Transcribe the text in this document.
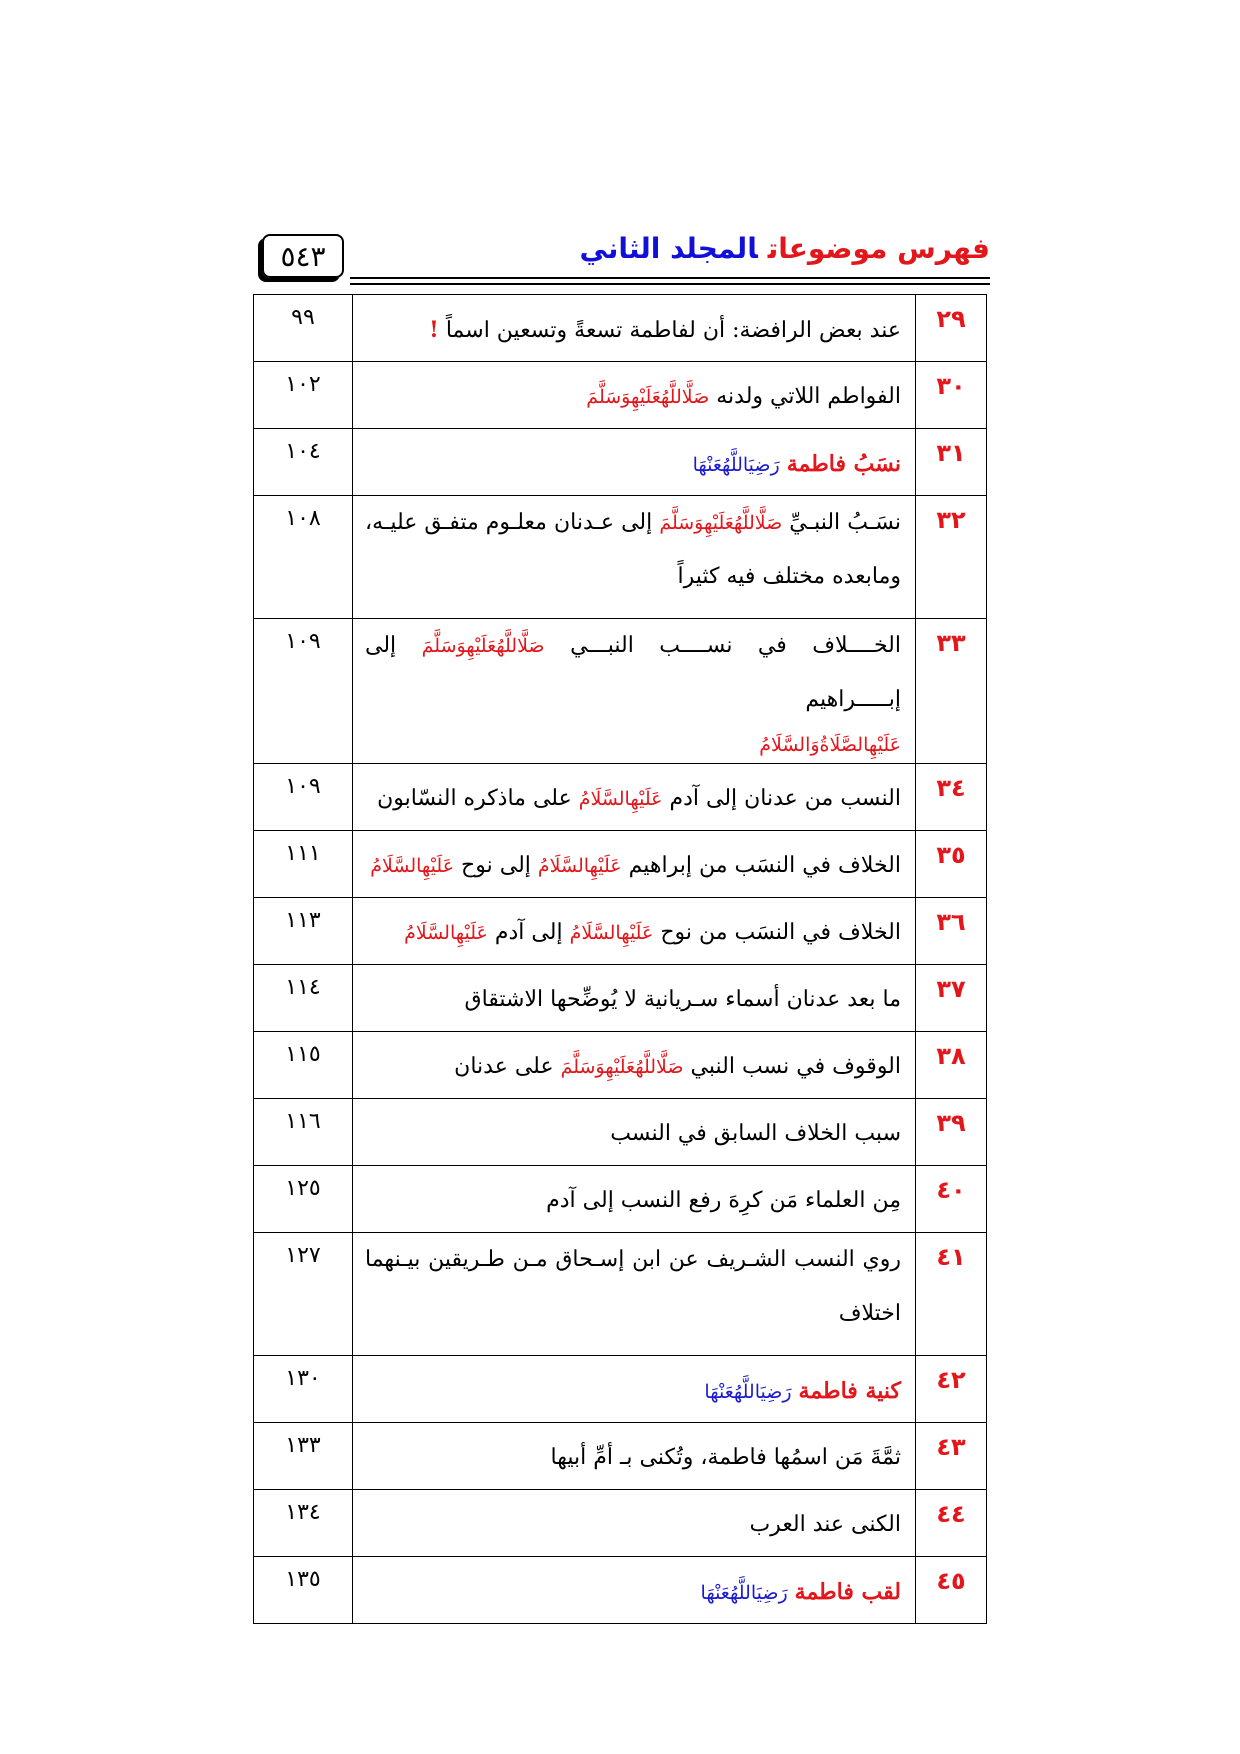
٥٤٣	فهرس موضوعاتالمجلد الثاني
٢٩	عند بعض الرافضة: أن لفاطمة تسعةً وتسعين اسماً !	٩٩
٣٠	الفواطم اللاتي ولدنه صَلَّاللَّهُعَلَيْهِوَسَلَّمَ	١٠٢
٣١	نسَبُ فاطمة رَضِيَاللَّهُعَنْهَا	١٠٤
٣٢	نسَـبُ النبـيِّ صَلَّاللَّهُعَلَيْهِوَسَلَّمَ إلى عـدنان معلـوم متفـق عليـه،
ومابعده مختلف فيه كثيراً	١٠٨
٣٣	الخــــلاف في نســــب النبـــي صَلَّاللَّهُعَلَيْهِوَسَلَّمَ إلى إبـــــراهيم
عَلَيْهِالصَّلَاةُوَالسَّلَامُ	١٠٩
٣٤	النسب من عدنان إلى آدم عَلَيْهِالسَّلَامُ على ماذكره النسّابون	١٠٩
٣٥	الخلاف في النسَب من إبراهيم عَلَيْهِالسَّلَامُ إلى نوح عَلَيْهِالسَّلَامُ	١١١
٣٦	الخلاف في النسَب من نوح عَلَيْهِالسَّلَامُ إلى آدم عَلَيْهِالسَّلَامُ	١١٣
٣٧	ما بعد عدنان أسماء سـريانية لا يُوضِّحها الاشتقاق	١١٤
٣٨	الوقوف في نسب النبي صَلَّاللَّهُعَلَيْهِوَسَلَّمَ على عدنان	١١٥
٣٩	سبب الخلاف السابق في النسب	١١٦
٤٠	مِن العلماء مَن كرِهَ رفع النسب إلى آدم	١٢٥
٤١	روي النسب الشـريف عن ابن إسـحاق مـن طـريقين بيـنهما
اختلاف	١٢٧
٤٢	كنية فاطمة رَضِيَاللَّهُعَنْهَا	١٣٠
٤٣	ثمَّةَ مَن اسمُها فاطمة، وتُكنى بـ أمِّ أبيها	١٣٣
٤٤	الكنى عند العرب	١٣٤
٤٥	لقب فاطمة رَضِيَاللَّهُعَنْهَا	١٣٥
